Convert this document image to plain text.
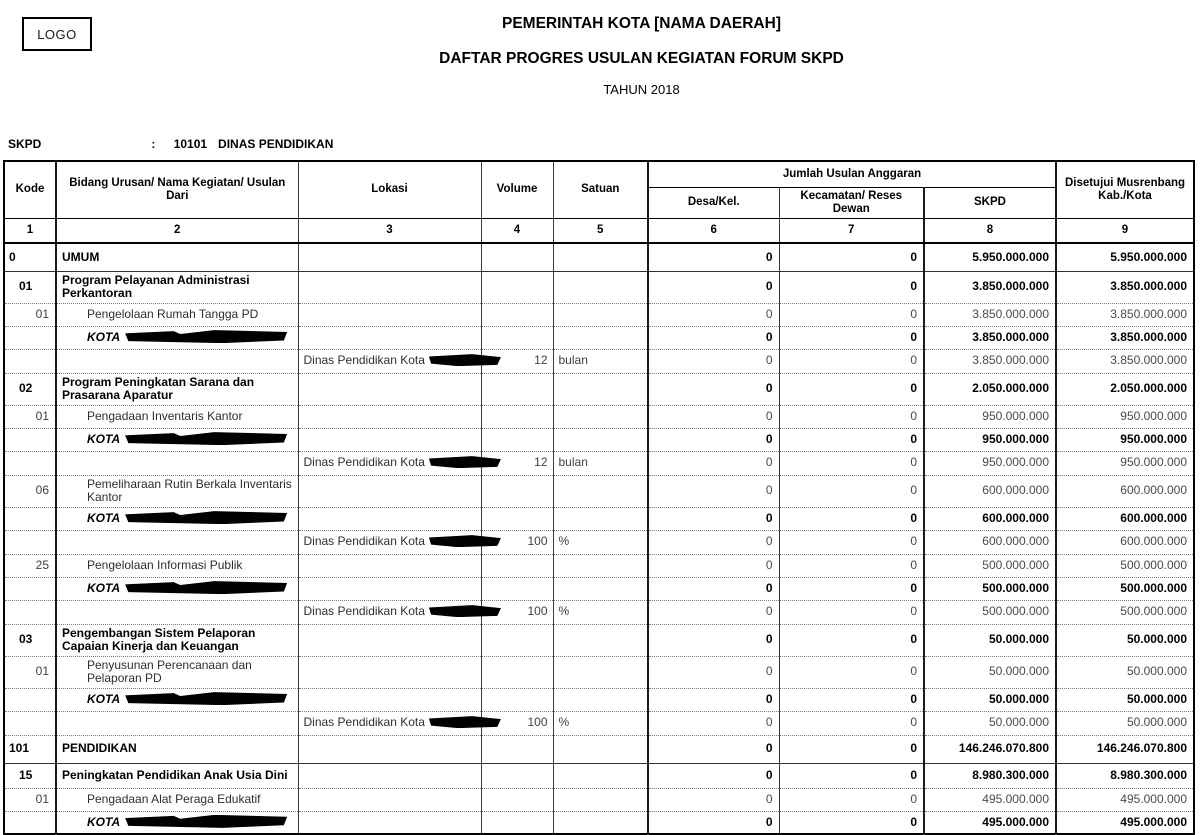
LOGO
PEMERINTAH KOTA [NAMA DAERAH]
DAFTAR PROGRES USULAN KEGIATAN FORUM SKPD
TAHUN 2018
SKPD	: 10101 DINAS PENDIDIKAN
Kode	Bidang Urusan/ Nama Kegiatan/ Usulan Dari	Lokasi	Volume	Satuan	Jumlah Usulan Anggaran			Disetujui Musrenbang Kab./Kota
					Desa/Kel.	Kecamatan/ Reses Dewan	SKPD	
1	2	3	4	5	6	7	8	9
0	UMUM				0	0	5.950.000.000	5.950.000.000
01	Program Pelayanan Administrasi Perkantoran				0	0	3.850.000.000	3.850.000.000
01	Pengelolaan Rumah Tangga PD				0	0	3.850.000.000	3.850.000.000
	KOTA				0	0	3.850.000.000	3.850.000.000
		Dinas Pendidikan Kota	12	bulan	0	0	3.850.000.000	3.850.000.000
02	Program Peningkatan Sarana dan Prasarana Aparatur				0	0	2.050.000.000	2.050.000.000
01	Pengadaan Inventaris Kantor				0	0	950.000.000	950.000.000
	KOTA				0	0	950.000.000	950.000.000
		Dinas Pendidikan Kota	12	bulan	0	0	950.000.000	950.000.000
06	Pemeliharaan Rutin Berkala Inventaris Kantor				0	0	600.000.000	600.000.000
	KOTA				0	0	600.000.000	600.000.000
		Dinas Pendidikan Kota	100	%	0	0	600.000.000	600.000.000
25	Pengelolaan Informasi Publik				0	0	500.000.000	500.000.000
	KOTA				0	0	500.000.000	500.000.000
		Dinas Pendidikan Kota	100	%	0	0	500.000.000	500.000.000
03	Pengembangan Sistem Pelaporan Capaian Kinerja dan Keuangan				0	0	50.000.000	50.000.000
01	Penyusunan Perencanaan dan Pelaporan PD				0	0	50.000.000	50.000.000
	KOTA				0	0	50.000.000	50.000.000
		Dinas Pendidikan Kota	100	%	0	0	50.000.000	50.000.000
101	PENDIDIKAN				0	0	146.246.070.800	146.246.070.800
15	Peningkatan Pendidikan Anak Usia Dini				0	0	8.980.300.000	8.980.300.000
01	Pengadaan Alat Peraga Edukatif				0	0	495.000.000	495.000.000
	KOTA				0	0	495.000.000	495.000.000
